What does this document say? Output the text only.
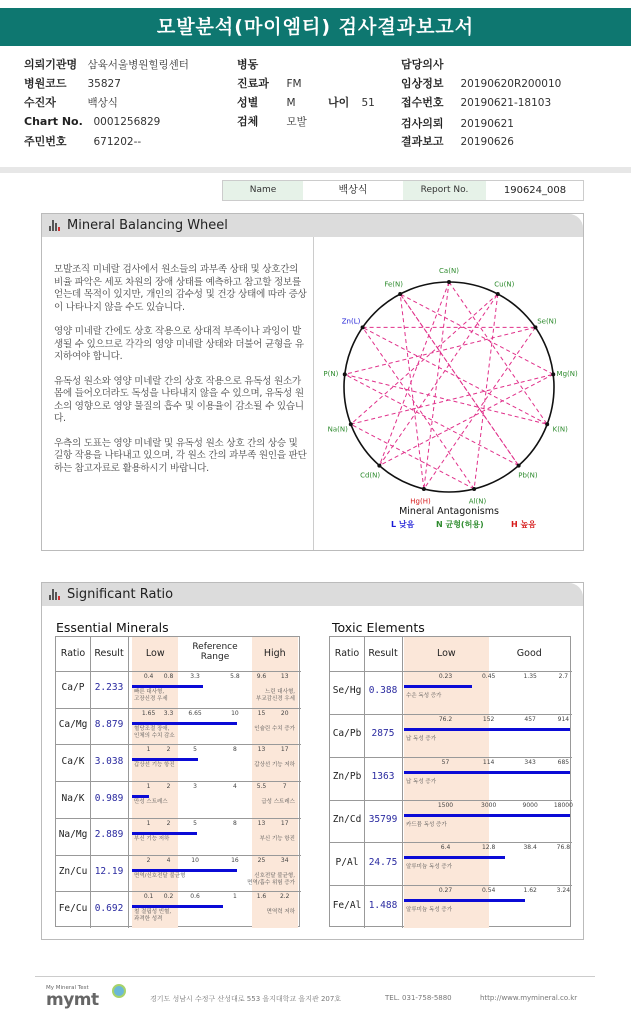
모발분석(마이엠티) 검사결과보고서
의뢰기관명 삼육서울병원힐링센터
병원코드 35827
수진자	백상식
Chart No. 0001256829
주민번호	671202--
병동
진료과 FM
성별	M	나이 51
검체	모발
담당의사
임상정보 20190620R200010
접수번호 20190621-18103
검사의뢰 20190621
결과보고 20190626
Name	백상식	Report No.	190624_008
Mineral Balancing Wheel

모발조직 미네랄 검사에서 원소들의 과부족 상태 및 상호간의 비율 파악은 세포 차원의 장애 상태를 예측하고 참고할 정보를 얻는데 목적이 있지만, 개인의 감수성 및 건강 상태에 따라 증상이 나타나지 않을 수도 있습니다.

영양 미네랄 간에도 상호 작용으로 상대적 부족이나 과잉이 발생될 수 있으므로 각각의 영양 미네랄 상태와 더불어 균형을 유지하여야 합니다.

유독성 원소와 영양 미네랄 간의 상호 작용으로 유독성 원소가 몸에 들어오더라도 독성을 나타내지 않을 수 있으며, 유독성 원소의 영향으로 영양 물질의 흡수 및 이용율이 감소될 수 있습니다.

우측의 도표는 영양 미네랄 및 유독성 원소 상호 간의 상승 및 길항 작용을 나타내고 있으며, 각 원소 간의 과부족 원인을 판단하는 참고자료로 활용하시기 바랍니다.

Ca(N)
Cu(N)
Se(N)
Mg(N)
K(N)
Pb(N)
Al(N)
Hg(H)
Cd(N)
Na(N)
P(N)
Zn(L)
Fe(N)
Mineral Antagonisms
L 낮음	N 균형(허용)	H 높음
Significant Ratio
Essential Minerals	Toxic Elements
Ratio Result	Low
Reference Range	High
Ca/P	2.233
0.4	0.8	3.3	5.8	9.6	13
빠른 대사형,
고장신경 우세
느린 대사형,
부교감신경 우세
Ca/Mg 8.879
1.65	3.3	6.65	10	15	20
혈당조절 장애,
인체의 수치 감소
인슐린 수치 증가
Ca/K	3.038
1	2	5	8	13	17
갑상선 기능 항진	갑상선 기능 저하
Na/K	0.989
1	2	3	4	5.5	7
만성 스트레스	급성 스트레스
Na/Mg 2.889
1	2	5	8	13	17
부신 기능 저하	부신 기능 항진
Zn/Cu 12.19
2	4	10	16	25	34
면역/신호전달 불균형	신호전달 불균형,
면역/흡수 위험 증가
Fe/Cu 0.692
0.1	0.2	0.6	1	1.6	2.2
철 결핍성 빈혈,
과격한 성격
면역력 저하
Ratio Result	Low	Good
Se/Hg 0.388
0.23	0.45	1.35	2.7
수은 독성 증가
Ca/Pb	2875
76.2	152	457	914
납 독성 증가
Zn/Pb	1363
57	114	343	685
납 독성 증가
Zn/Cd 35799
1500	3000	9000	18000
카드뮴 독성 증가
P/Al	24.75
6.4	12.8	38.4	76.8
알루미늄 독성 증가
Fe/Al 1.488
0.27	0.54	1.62	3.24
알루미늄 독성 증가
My Mineral Test
mymt	경기도 성남시 수정구 산성대로 553 을지대학교 을지관 207호	TEL. 031-758-5880	http://www.mymineral.co.kr
